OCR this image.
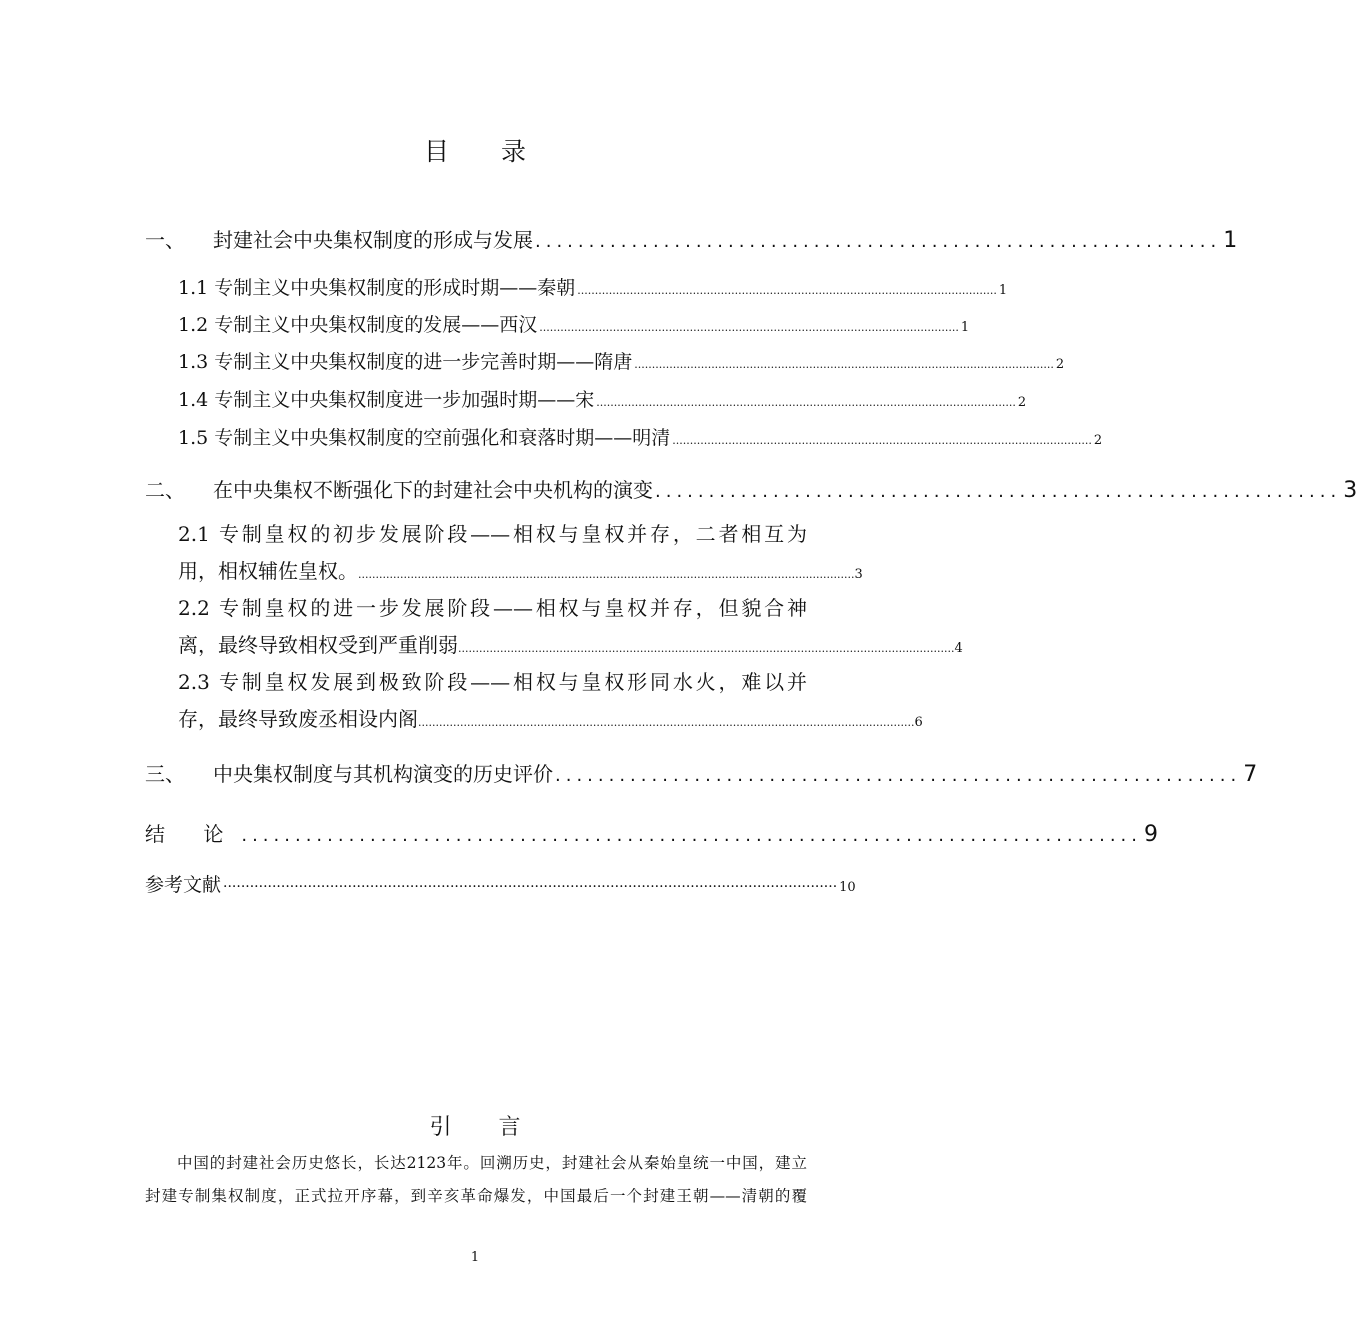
目 录
一、 封建社会中央集权制度的形成与发展 ................................................................ 1
1.1 专制主义中央集权制度的形成时期——秦朝 ........................................................................................................................ 1
1.2 专制主义中央集权制度的发展——西汉 ........................................................................................................................ 1
1.3 专制主义中央集权制度的进一步完善时期——隋唐 ........................................................................................................................ 2
1.4 专制主义中央集权制度进一步加强时期——宋 ........................................................................................................................ 2
1.5 专制主义中央集权制度的空前强化和衰落时期——明清 ........................................................................................................................ 2
二、 在中央集权不断强化下的封建社会中央机构的演变 ................................................................ 3
2.1 专制皇权的初步发展阶段——相权与皇权并存，二者相互为
用，相权辅佐皇权。 .............................................................................................................................................. 3
2.2 专制皇权的进一步发展阶段——相权与皇权并存，但貌合神
离，最终导致相权受到严重削弱 .............................................................................................................................................. 4
2.3 专制皇权发展到极致阶段——相权与皇权形同水火，难以并
存，最终导致废丞相设内阁 .............................................................................................................................................. 6
三、 中央集权制度与其机构演变的历史评价 ................................................................ 7
结 论 .................................................................................... 9
参考文献 ·········································································································································· 10
引 言
中国的封建社会历史悠长，长达2123年。回溯历史，封建社会从秦始皇统一中国，建立
封建专制集权制度，正式拉开序幕，到辛亥革命爆发，中国最后一个封建王朝——清朝的覆
1
